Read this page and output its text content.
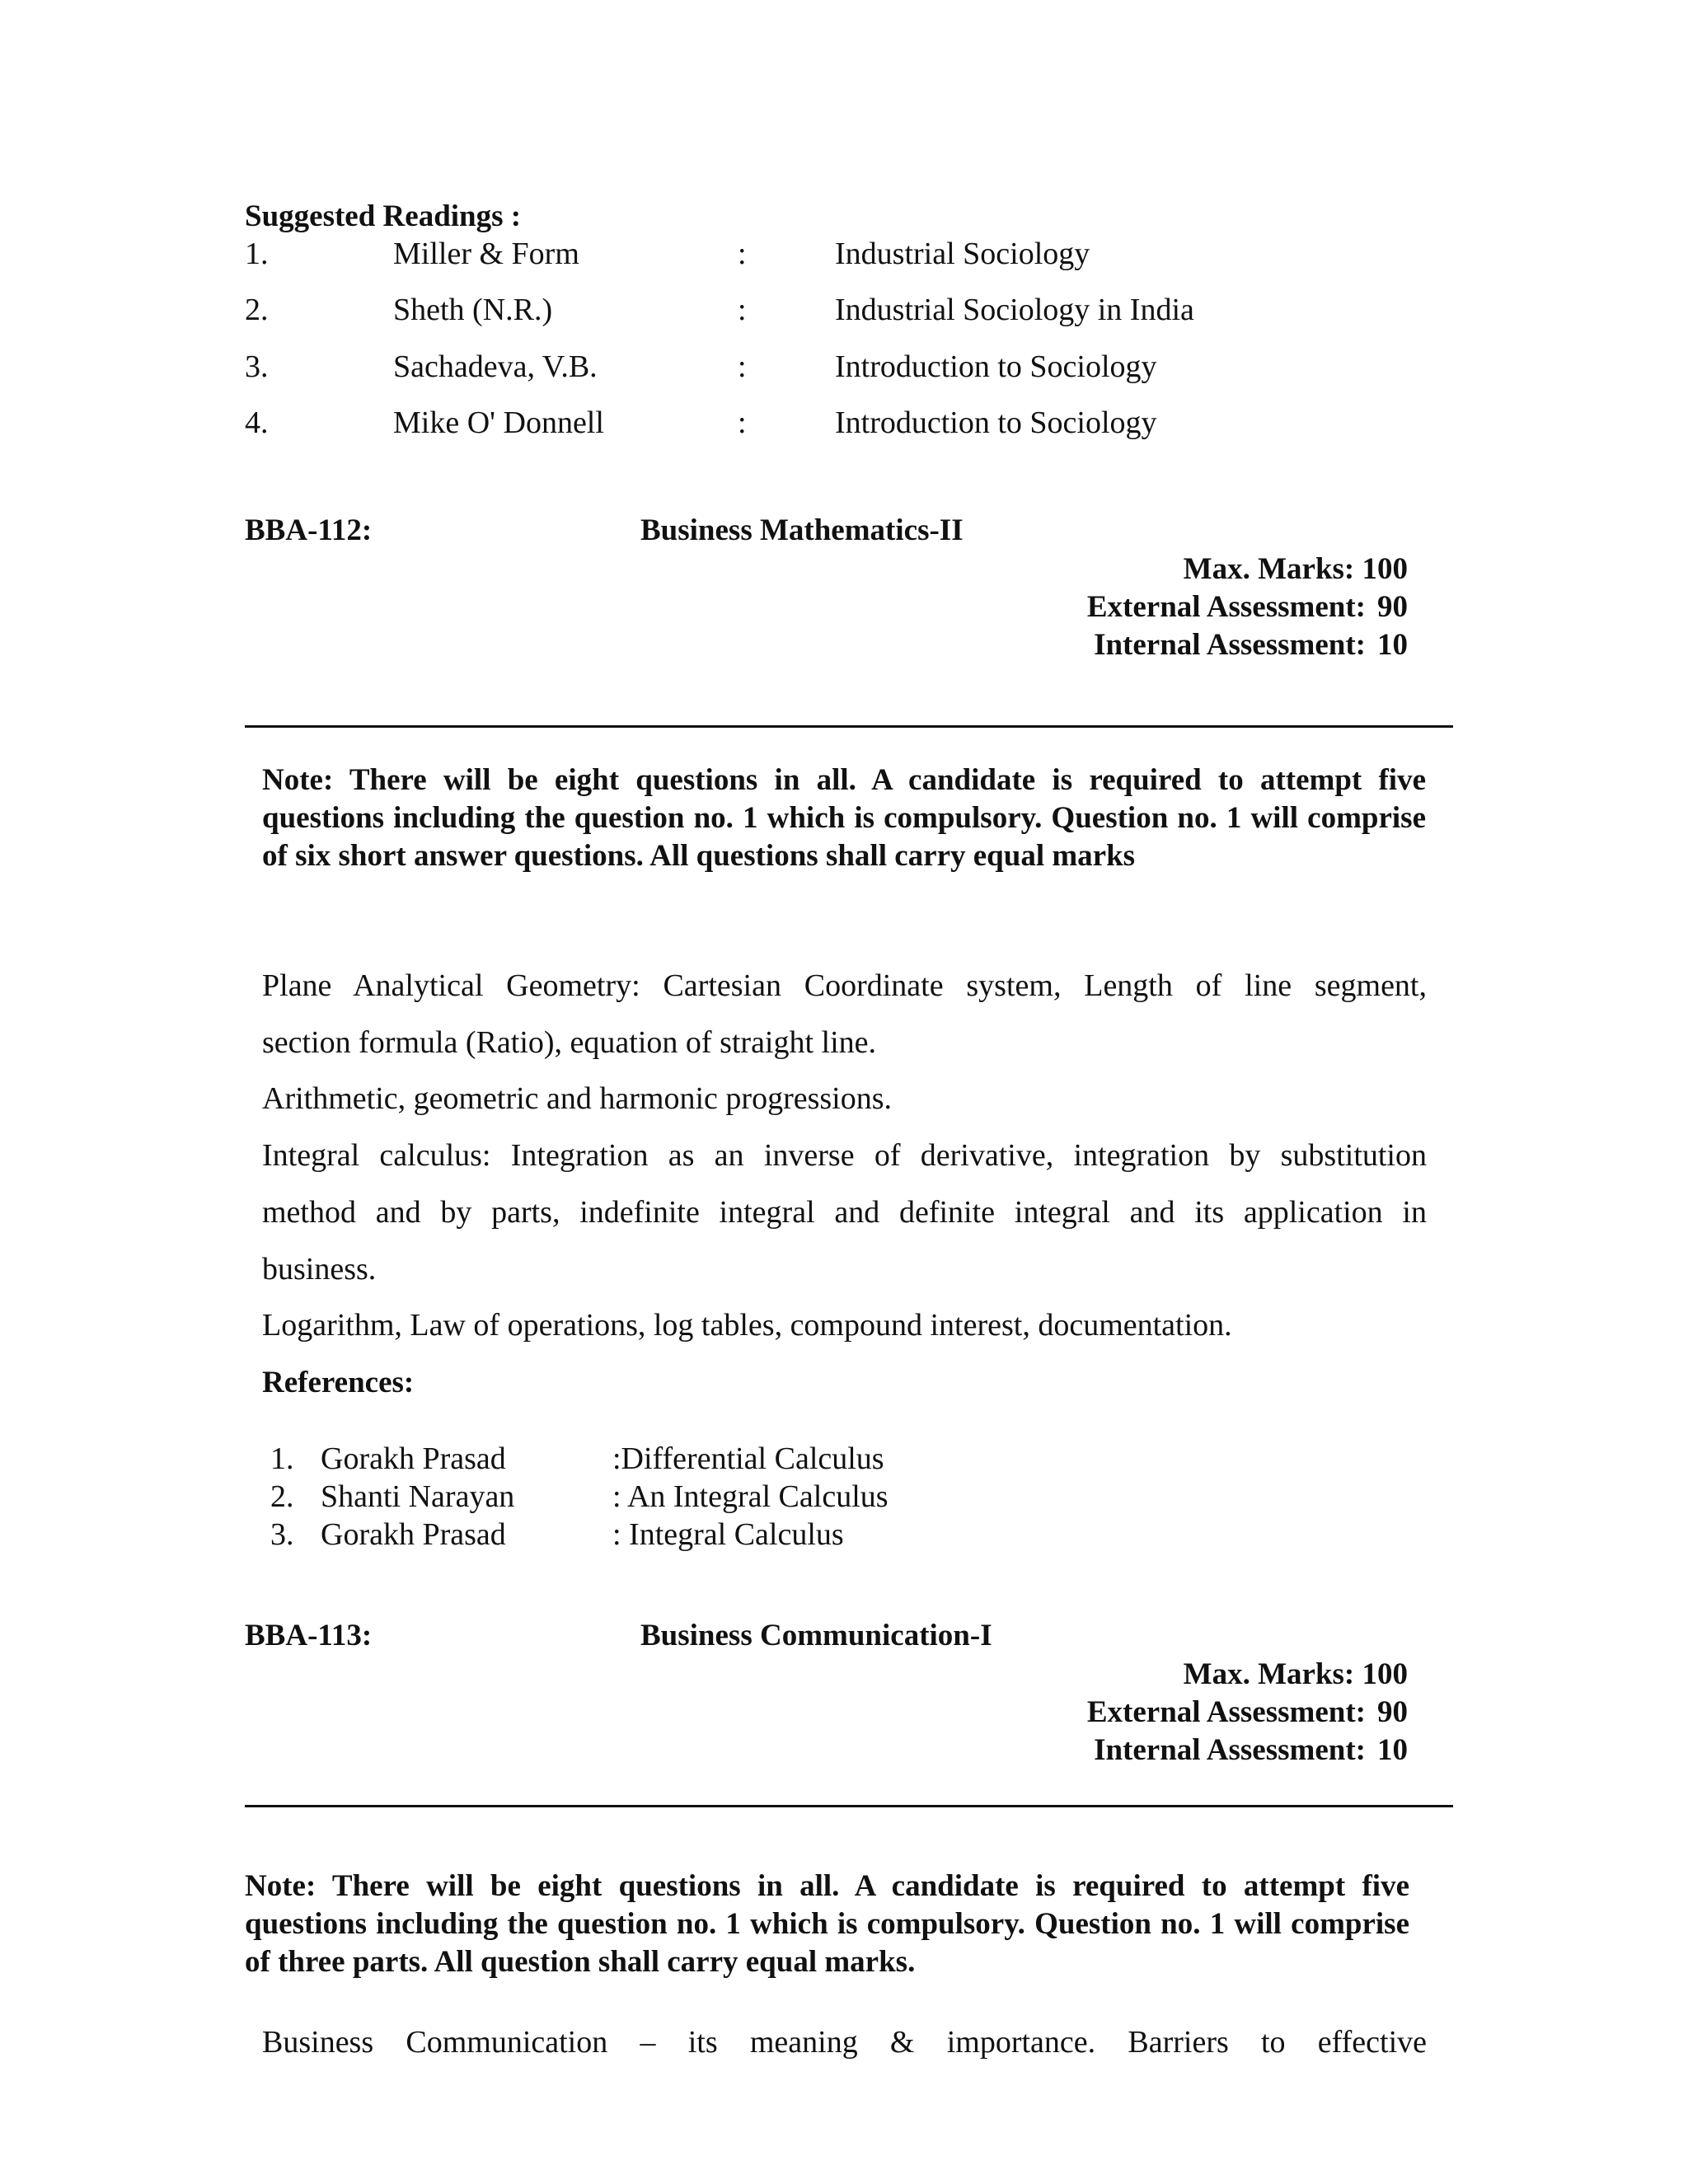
Suggested Readings :
1.	Miller & Form	:	Industrial Sociology
2.	Sheth (N.R.)	:	Industrial Sociology in India
3.	Sachadeva, V.B.	:	Introduction to Sociology
4.	Mike O' Donnell	:	Introduction to Sociology
BBA-112:	Business Mathematics-II
Max. Marks: 100
External Assessment: 90
Internal Assessment: 10
Note: There will be eight questions in all. A candidate is required to attempt five questions including the question no. 1 which is compulsory. Question no. 1 will comprise of six short answer questions. All questions shall carry equal marks
Plane Analytical Geometry: Cartesian Coordinate system, Length of line segment,
section formula (Ratio), equation of straight line.
Arithmetic, geometric and harmonic progressions.
Integral calculus: Integration as an inverse of derivative, integration by substitution
method and by parts, indefinite integral and definite integral and its application in
business.
Logarithm, Law of operations, log tables, compound interest, documentation.
References:
1. Gorakh Prasad	:Differential Calculus
2. Shanti Narayan	: An Integral Calculus
3. Gorakh Prasad	: Integral Calculus
BBA-113:	Business Communication-I
Max. Marks: 100
External Assessment: 90
Internal Assessment: 10
Note: There will be eight questions in all. A candidate is required to attempt five questions including the question no. 1 which is compulsory. Question no. 1 will comprise of three parts. All question shall carry equal marks.
Business Communication – its meaning & importance. Barriers to effective
